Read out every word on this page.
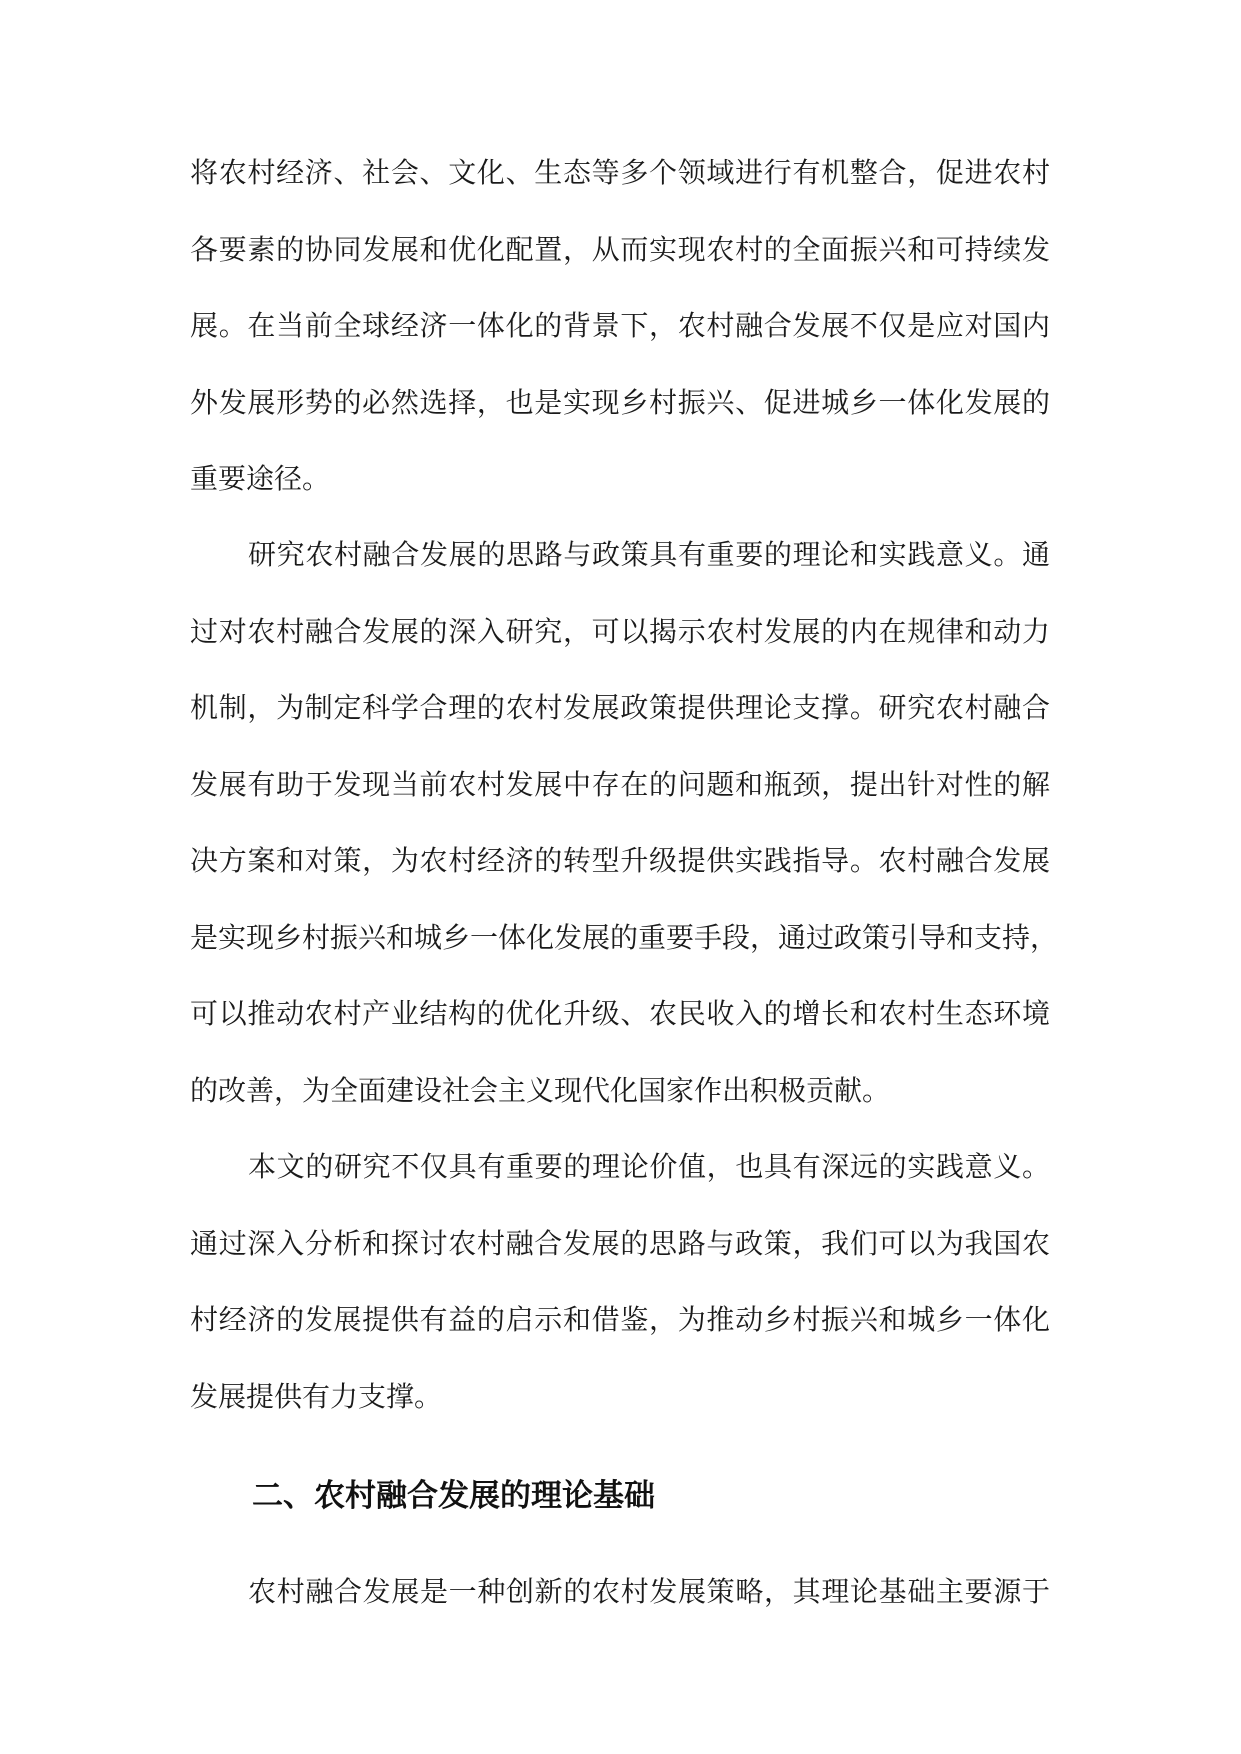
将农村经济、社会、文化、生态等多个领域进行有机整合，促进农村
各要素的协同发展和优化配置，从而实现农村的全面振兴和可持续发
展。在当前全球经济一体化的背景下，农村融合发展不仅是应对国内
外发展形势的必然选择，也是实现乡村振兴、促进城乡一体化发展的
重要途径。
研究农村融合发展的思路与政策具有重要的理论和实践意义。通
过对农村融合发展的深入研究，可以揭示农村发展的内在规律和动力
机制，为制定科学合理的农村发展政策提供理论支撑。研究农村融合
发展有助于发现当前农村发展中存在的问题和瓶颈，提出针对性的解
决方案和对策，为农村经济的转型升级提供实践指导。农村融合发展
是实现乡村振兴和城乡一体化发展的重要手段，通过政策引导和支持，
可以推动农村产业结构的优化升级、农民收入的增长和农村生态环境
的改善，为全面建设社会主义现代化国家作出积极贡献。
本文的研究不仅具有重要的理论价值，也具有深远的实践意义。
通过深入分析和探讨农村融合发展的思路与政策，我们可以为我国农
村经济的发展提供有益的启示和借鉴，为推动乡村振兴和城乡一体化
发展提供有力支撑。
二、农村融合发展的理论基础
农村融合发展是一种创新的农村发展策略，其理论基础主要源于
